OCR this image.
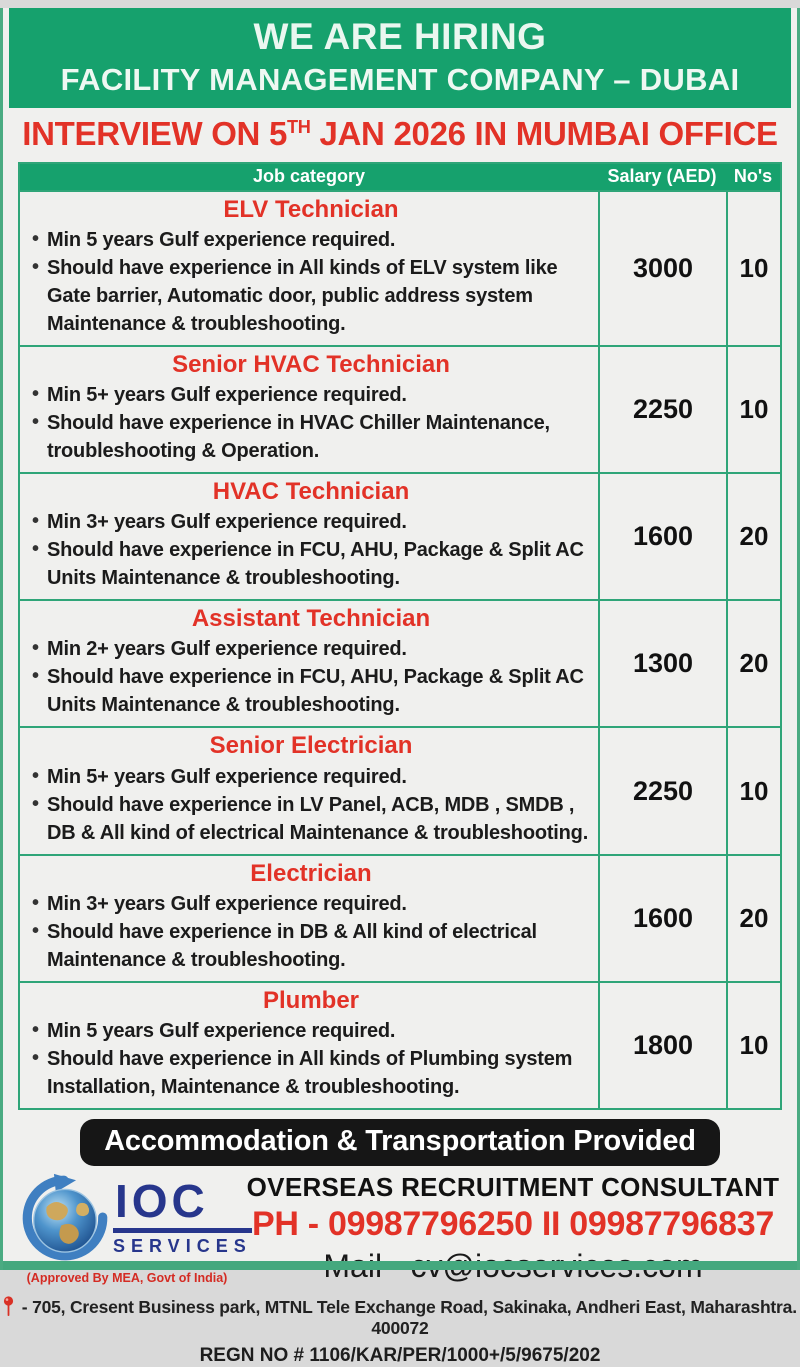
WE ARE HIRING
FACILITY MANAGEMENT COMPANY – DUBAI
INTERVIEW ON 5TH JAN 2026 IN MUMBAI OFFICE
Job category	Salary (AED) No's
ELV Technician
• Min 5 years Gulf experience required.
• Should have experience in All kinds of ELV system like Gate barrier, Automatic door, public address system Maintenance & troubleshooting.
3000	10
Senior HVAC Technician
• Min 5+ years Gulf experience required.
• Should have experience in HVAC Chiller Maintenance, troubleshooting & Operation.
2250	10
HVAC Technician
• Min 3+ years Gulf experience required.
• Should have experience in FCU, AHU, Package & Split AC Units Maintenance & troubleshooting.
1600	20
Assistant Technician
• Min 2+ years Gulf experience required.
• Should have experience in FCU, AHU, Package & Split AC Units Maintenance & troubleshooting.
1300	20
Senior Electrician
• Min 5+ years Gulf experience required.
• Should have experience in LV Panel, ACB, MDB , SMDB , DB & All kind of electrical Maintenance & troubleshooting.
2250	10
Electrician
• Min 3+ years Gulf experience required.
• Should have experience in DB & All kind of electrical Maintenance & troubleshooting.
1600	20
Plumber
• Min 5 years Gulf experience required.
• Should have experience in All kinds of Plumbing system Installation, Maintenance & troubleshooting.
1800	10
Accommodation & Transportation Provided
IOC
SERVICES
(Approved By MEA, Govt of India)
OVERSEAS RECRUITMENT CONSULTANT
PH - 09987796250 II 09987796837
- 705, Cresent Business park, MTNL Tele Exchange Road, Sakinaka, Andheri East, Maharashtra. 400072
REGN NO # 1106/KAR/PER/1000+/5/9675/202
